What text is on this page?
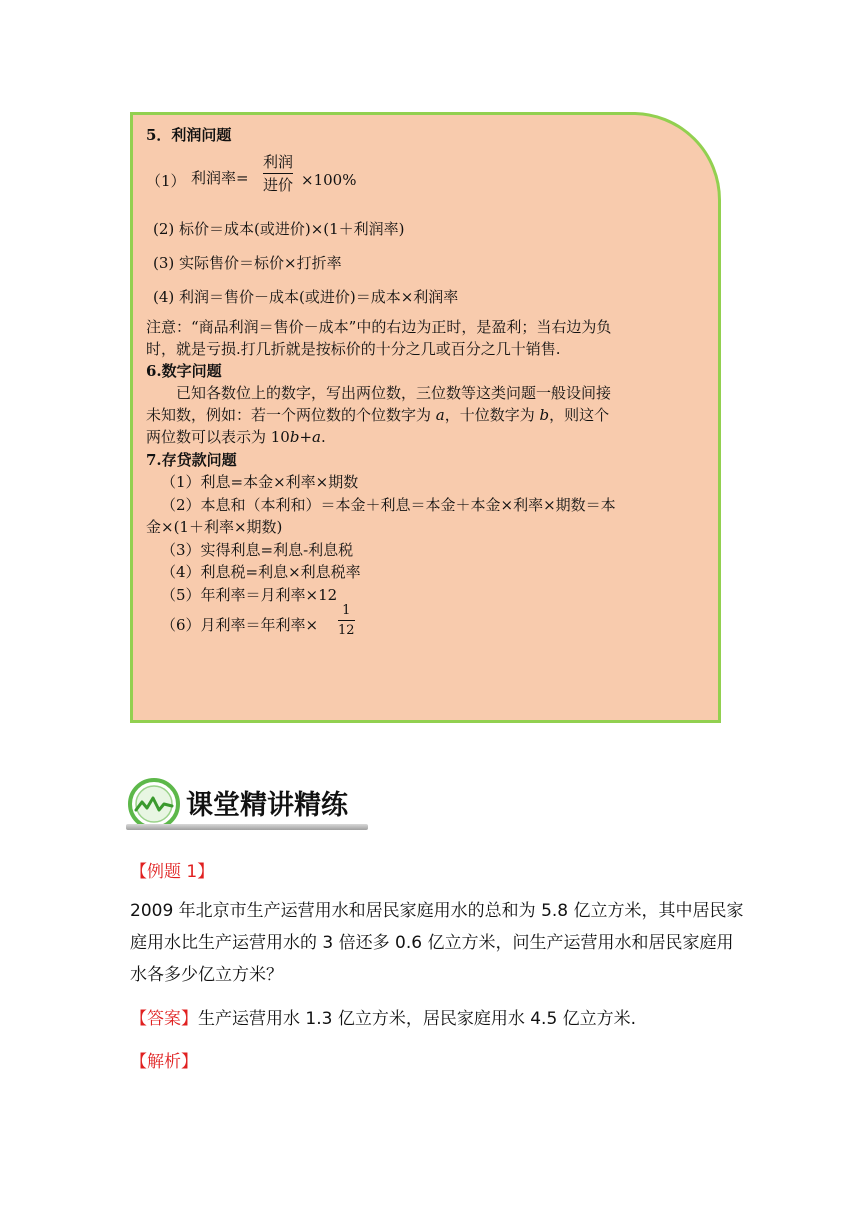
5．利润问题
（1） 利润率=
利润
进价 ×100%
(2) 标价＝成本(或进价)×(1＋利润率)
(3) 实际售价＝标价×打折率
(4) 利润＝售价－成本(或进价)＝成本×利润率
注意：“商品利润＝售价－成本”中的右边为正时，是盈利；当右边为负
时，就是亏损.打几折就是按标价的十分之几或百分之几十销售.
6.数字问题
已知各数位上的数字，写出两位数，三位数等这类问题一般设间接
未知数，例如：若一个两位数的个位数字为 a，十位数字为 b，则这个
两位数可以表示为 10b+a.
7.存贷款问题
（1）利息=本金×利率×期数
（2）本息和（本利和）＝本金＋利息＝本金＋本金×利率×期数＝本
金×(1＋利率×期数)
（3）实得利息=利息-利息税
（4）利息税=利息×利息税率
（5）年利率＝月利率×12
（6）月利率＝年利率×
1
12
课堂精讲精练
【例题 1】
2009 年北京市生产运营用水和居民家庭用水的总和为 5.8 亿立方米，其中居民家
庭用水比生产运营用水的 3 倍还多 0.6 亿立方米，问生产运营用水和居民家庭用
水各多少亿立方米？
【答案】生产运营用水 1.3 亿立方米，居民家庭用水 4.5 亿立方米.
【解析】
